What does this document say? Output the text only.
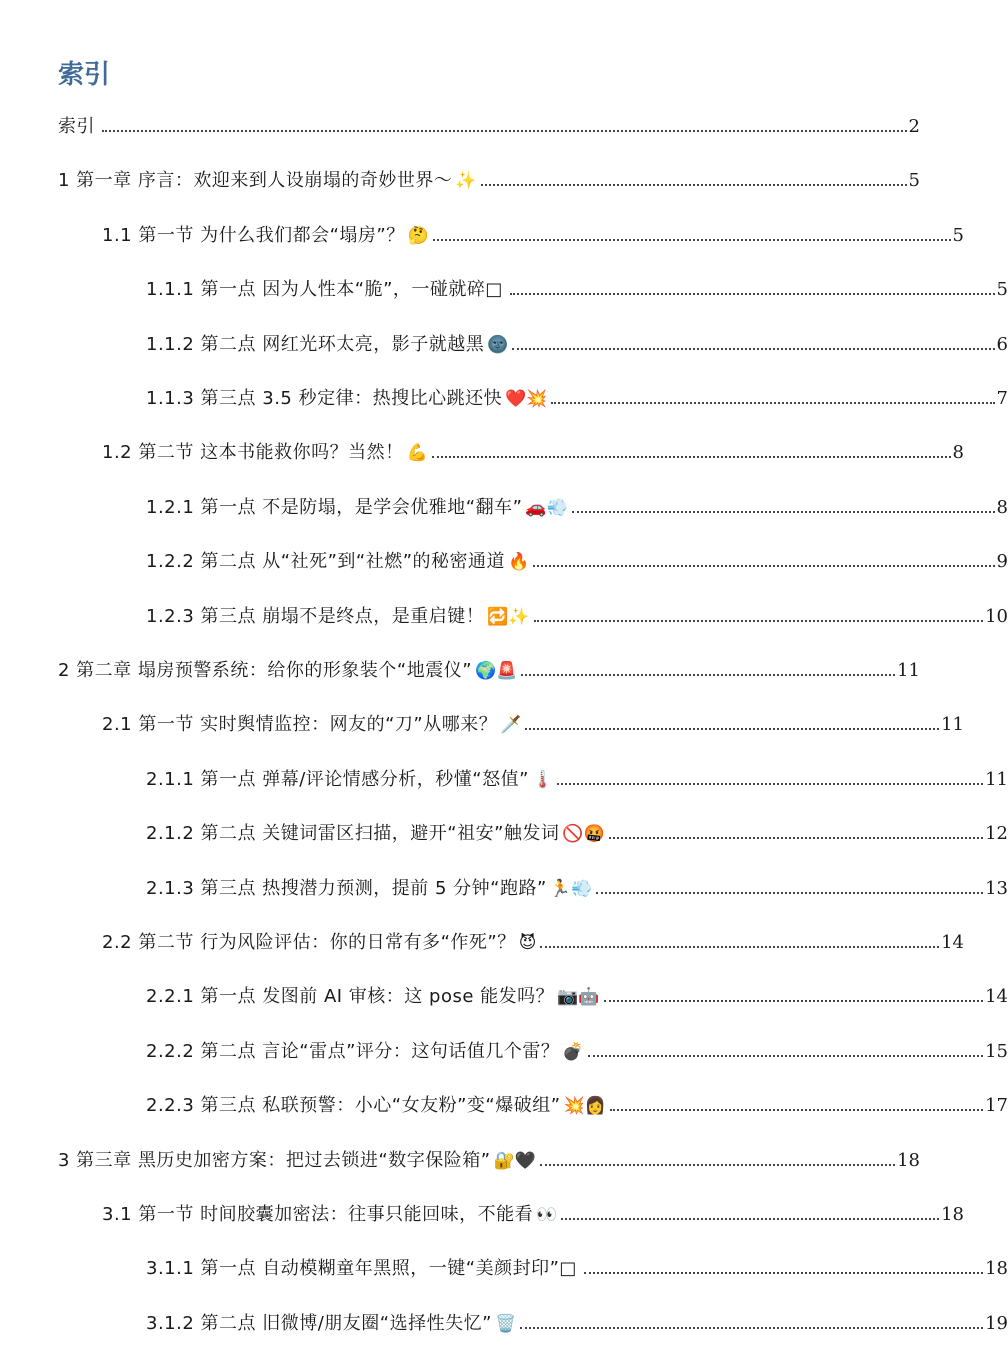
索引
索引	2
1 第一章 序言：欢迎来到人设崩塌的奇妙世界～ ✨	5
1.1 第一节 为什么我们都会“塌房”？ 🤔	5
1.1.1 第一点 因为人性本“脆”，一碰就碎□	5
1.1.2 第二点 网红光环太亮，影子就越黑 🌚	6
1.1.3 第三点 3.5 秒定律：热搜比心跳还快 ❤️💥	7
1.2 第二节 这本书能救你吗？当然！ 💪	8
1.2.1 第一点 不是防塌，是学会优雅地“翻车” 🚗💨	8
1.2.2 第二点 从“社死”到“社燃”的秘密通道 🔥	9
1.2.3 第三点 崩塌不是终点，是重启键！ 🔁✨	10
2 第二章 塌房预警系统：给你的形象装个“地震仪” 🌍🚨	11
2.1 第一节 实时舆情监控：网友的“刀”从哪来？ 🗡️	11
2.1.1 第一点 弹幕/评论情感分析，秒懂“怒值” 🌡️	11
2.1.2 第二点 关键词雷区扫描，避开“祖安”触发词 🚫🤬	12
2.1.3 第三点 热搜潜力预测，提前 5 分钟“跑路” 🏃💨	13
2.2 第二节 行为风险评估：你的日常有多“作死”？ 😈	14
2.2.1 第一点 发图前 AI 审核：这 pose 能发吗？ 📷🤖	14
2.2.2 第二点 言论“雷点”评分：这句话值几个雷？ 💣	15
2.2.3 第三点 私联预警：小心“女友粉”变“爆破组” 💥👩	17
3 第三章 黑历史加密方案：把过去锁进“数字保险箱” 🔐🖤	18
3.1 第一节 时间胶囊加密法：往事只能回味，不能看 👀	18
3.1.1 第一点 自动模糊童年黑照，一键“美颜封印”□	18
3.1.2 第二点 旧微博/朋友圈“选择性失忆” 🗑️	19
